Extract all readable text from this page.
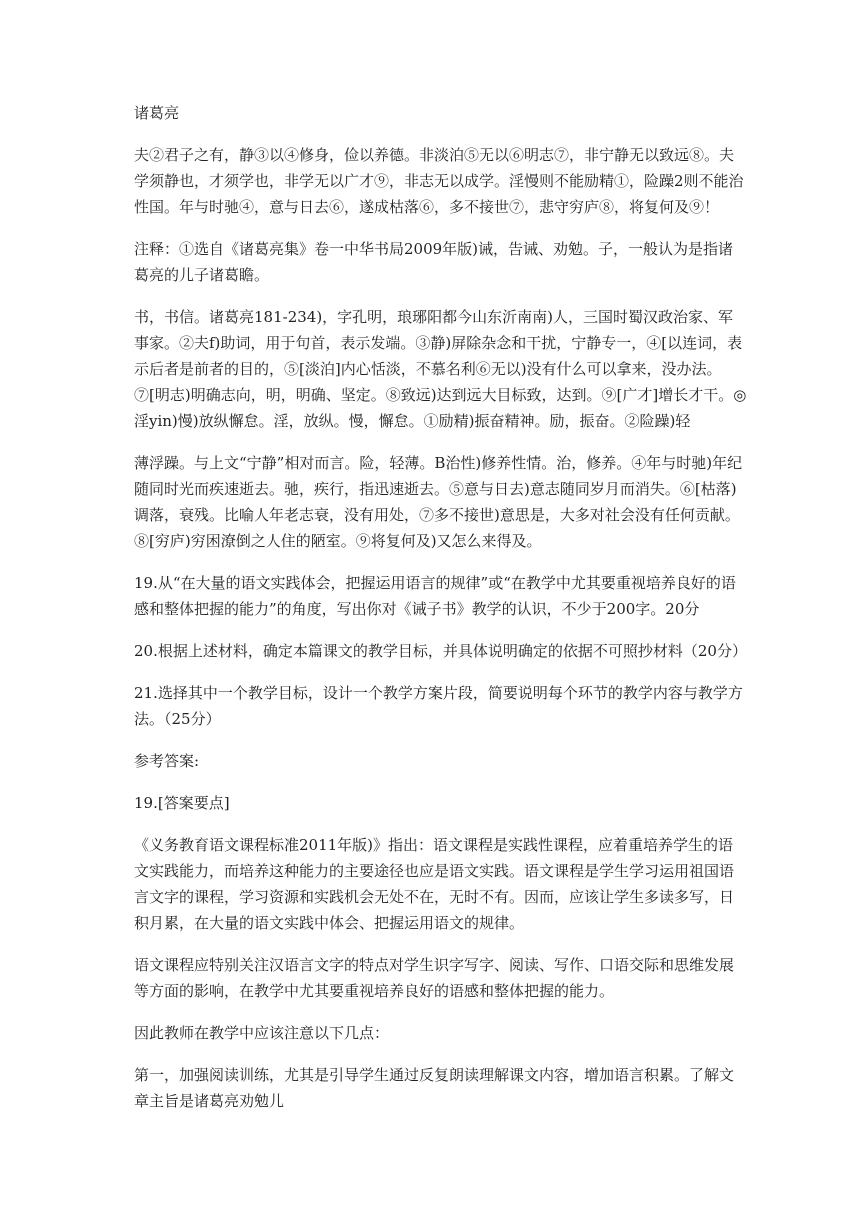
诸葛亮

夫②君子之有，静③以④修身，俭以养德。非淡泊⑤无以⑥明志⑦，非宁静无以致远⑧。夫学须静也，才须学也，非学无以广才⑨，非志无以成学。淫慢则不能励精①，险躁2则不能治性国。年与时驰④，意与日去⑥，遂成枯落⑥，多不接世⑦，悲守穷庐⑧，将复何及⑨！

注释：①选自《诸葛亮集》卷一中华书局2009年版)诫，告诫、劝勉。子，一般认为是指诸葛亮的儿子诸葛瞻。

书，书信。诸葛亮181-234)，字孔明，琅琊阳都今山东沂南南)人，三国时蜀汉政治家、军事家。②夫f)助词，用于句首，表示发端。③静)屏除杂念和干扰，宁静专一，④[以连词，表示后者是前者的目的，⑤[淡泊]内心恬淡，不慕名利⑥无以)没有什么可以拿来，没办法。⑦[明志)明确志向，明，明确、坚定。⑧致远)达到远大目标致，达到。⑨[广才]增长才干。◎淫yin)慢)放纵懈怠。淫，放纵。慢，懈怠。①励精)振奋精神。励，振奋。②险躁)轻

薄浮躁。与上文“宁静”相对而言。险，轻薄。B治性)修养性情。治，修养。④年与时驰)年纪随同时光而疾速逝去。驰，疾行，指迅速逝去。⑤意与日去)意志随同岁月而消失。⑥[枯落)调落，衰残。比喻人年老志衰，没有用处，⑦多不接世)意思是，大多对社会没有任何贡献。⑧[穷庐)穷困潦倒之人住的陋室。⑨将复何及)又怎么来得及。

19.从“在大量的语文实践体会，把握运用语言的规律”或“在教学中尤其要重视培养良好的语感和整体把握的能力”的角度，写出你对《诫子书》教学的认识，不少于200字。20分

20.根据上述材料，确定本篇课文的教学目标，并具体说明确定的依据不可照抄材料（20分）

21.选择其中一个教学目标，设计一个教学方案片段，简要说明每个环节的教学内容与教学方法。（25分）

参考答案:

19.[答案要点]

《义务教育语文课程标准2011年版)》指出：语文课程是实践性课程，应着重培养学生的语文实践能力，而培养这种能力的主要途径也应是语文实践。语文课程是学生学习运用祖国语言文字的课程，学习资源和实践机会无处不在，无时不有。因而，应该让学生多读多写，日积月累，在大量的语文实践中体会、把握运用语文的规律。

语文课程应特别关注汉语言文字的特点对学生识字写字、阅读、写作、口语交际和思维发展等方面的影响，在教学中尤其要重视培养良好的语感和整体把握的能力。

因此教师在教学中应该注意以下几点：

第一，加强阅读训练，尤其是引导学生通过反复朗读理解课文内容，增加语言积累。了解文章主旨是诸葛亮劝勉儿
